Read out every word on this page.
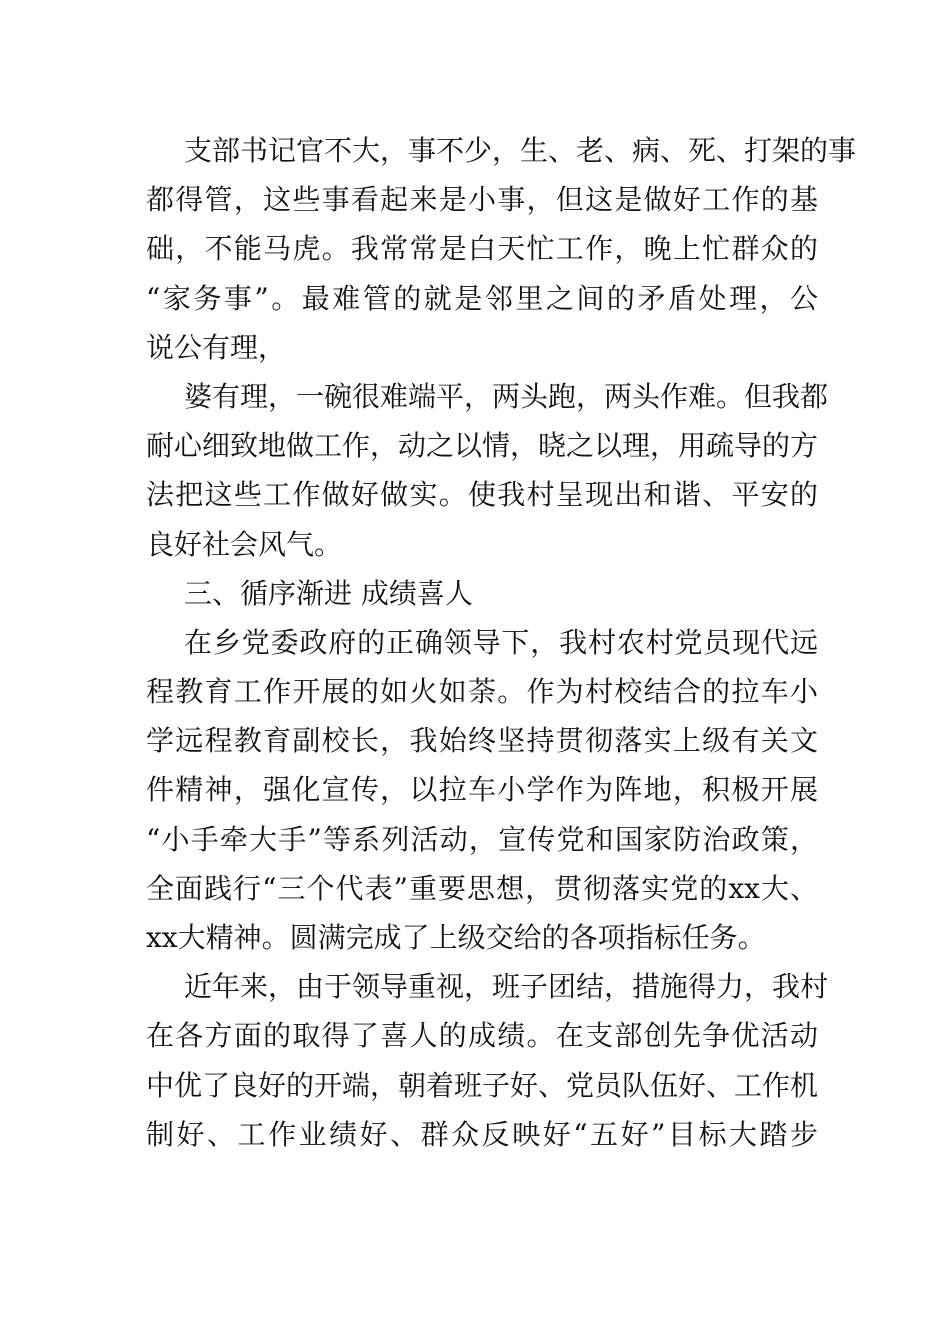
支部书记官不大，事不少，生、老、病、死、打架的事
都得管，这些事看起来是小事，但这是做好工作的基
础，不能马虎。我常常是白天忙工作，晚上忙群众的
“家务事”。最难管的就是邻里之间的矛盾处理，公
说公有理，
婆有理，一碗很难端平，两头跑，两头作难。但我都
耐心细致地做工作，动之以情，晓之以理，用疏导的方
法把这些工作做好做实。使我村呈现出和谐、平安的
良好社会风气。
三、循序渐进 成绩喜人
在乡党委政府的正确领导下，我村农村党员现代远
程教育工作开展的如火如荼。作为村校结合的拉车小
学远程教育副校长，我始终坚持贯彻落实上级有关文
件精神，强化宣传，以拉车小学作为阵地，积极开展
“小手牵大手”等系列活动，宣传党和国家防治政策，
全面践行“三个代表”重要思想，贯彻落实党的xx大、
xx大精神。圆满完成了上级交给的各项指标任务。
近年来，由于领导重视，班子团结，措施得力，我村
在各方面的取得了喜人的成绩。在支部创先争优活动
中优了良好的开端，朝着班子好、党员队伍好、工作机
制好、工作业绩好、群众反映好“五好”目标大踏步
